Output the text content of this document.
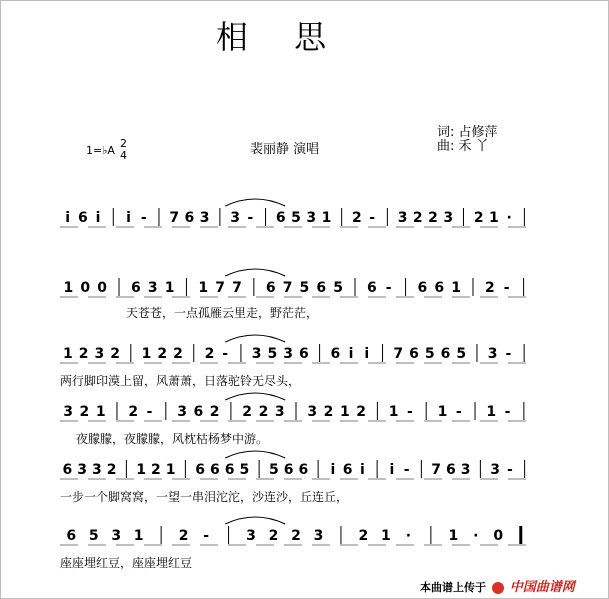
相 思
1=♭A
2
4	裴丽静 演唱
词: 占修萍
曲: 禾 丫
i 6 i i - 7 6 3 3 - 6 5 3 1 2 - 3 2 2 3 2 1 ·
1 0 0 6 3 1 1 7 7 6 7 5 6 5 6 - 6 6 1 2 -
1 2 3 2 1 2 2 2 - 3 5 3 6 6 i i 7 6 5 6 5 3 -
3 2 1 2 - 3 6 2 2 2 3 3 2 1 2 1 - 1 - 1 -
6 3 3 2 1 2 1 6 6 6 5 5 6 6 i 6 i i - 7 6 3 3 -
6 5 3 1	2 -	3 2 2 3	2 1 ·	1 · 0
天苍苍，一点孤雁云里走，野茫茫，
两行脚印漠上留，风萧萧，日落驼铃无尽头，
夜朦朦，夜朦朦，风枕枯杨梦中游。
一步一个脚窝窝，一望一串泪沱沱，沙连沙，丘连丘，
座座埋红豆，座座埋红豆
本曲谱上传于 中国曲谱网
